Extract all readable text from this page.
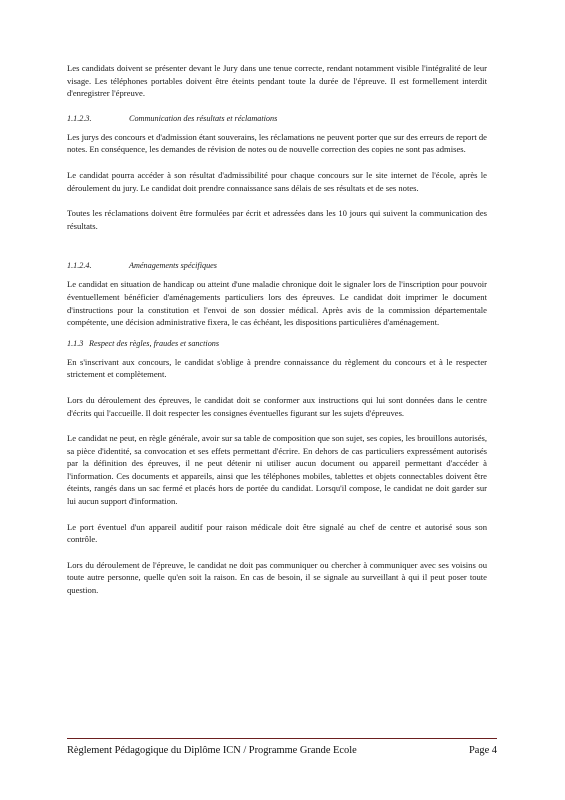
Les candidats doivent se présenter devant le Jury dans une tenue correcte, rendant notamment visible l'intégralité de leur visage. Les téléphones portables doivent être éteints pendant toute la durée de l'épreuve. Il est formellement interdit d'enregistrer l'épreuve.

1.1.2.3.	Communication des résultats et réclamations

Les jurys des concours et d'admission étant souverains, les réclamations ne peuvent porter que sur des erreurs de report de notes. En conséquence, les demandes de révision de notes ou de nouvelle correction des copies ne sont pas admises.

Le candidat pourra accéder à son résultat d'admissibilité pour chaque concours sur le site internet de l'école, après le déroulement du jury. Le candidat doit prendre connaissance sans délais de ses résultats et de ses notes.

Toutes les réclamations doivent être formulées par écrit et adressées dans les 10 jours qui suivent la communication des résultats.

1.1.2.4.	Aménagements spécifiques

Le candidat en situation de handicap ou atteint d'une maladie chronique doit le signaler lors de l'inscription pour pouvoir éventuellement bénéficier d'aménagements particuliers lors des épreuves. Le candidat doit imprimer le document d'instructions pour la constitution et l'envoi de son dossier médical. Après avis de la commission départementale compétente, une décision administrative fixera, le cas échéant, les dispositions particulières d'aménagement.

1.1.3 Respect des règles, fraudes et sanctions

En s'inscrivant aux concours, le candidat s'oblige à prendre connaissance du règlement du concours et à le respecter strictement et complètement.

Lors du déroulement des épreuves, le candidat doit se conformer aux instructions qui lui sont données dans le centre d'écrits qui l'accueille. Il doit respecter les consignes éventuelles figurant sur les sujets d'épreuves.

Le candidat ne peut, en règle générale, avoir sur sa table de composition que son sujet, ses copies, les brouillons autorisés, sa pièce d'identité, sa convocation et ses effets permettant d'écrire. En dehors de cas particuliers expressément autorisés par la définition des épreuves, il ne peut détenir ni utiliser aucun document ou appareil permettant d'accéder à l'information. Ces documents et appareils, ainsi que les téléphones mobiles, tablettes et objets connectables doivent être éteints, rangés dans un sac fermé et placés hors de portée du candidat. Lorsqu'il compose, le candidat ne doit garder sur lui aucun support d'information.

Le port éventuel d'un appareil auditif pour raison médicale doit être signalé au chef de centre et autorisé sous son contrôle.

Lors du déroulement de l'épreuve, le candidat ne doit pas communiquer ou chercher à communiquer avec ses voisins ou toute autre personne, quelle qu'en soit la raison. En cas de besoin, il se signale au surveillant à qui il peut poser toute question.

Règlement Pédagogique du Diplôme ICN / Programme Grande Ecole	Page 4
